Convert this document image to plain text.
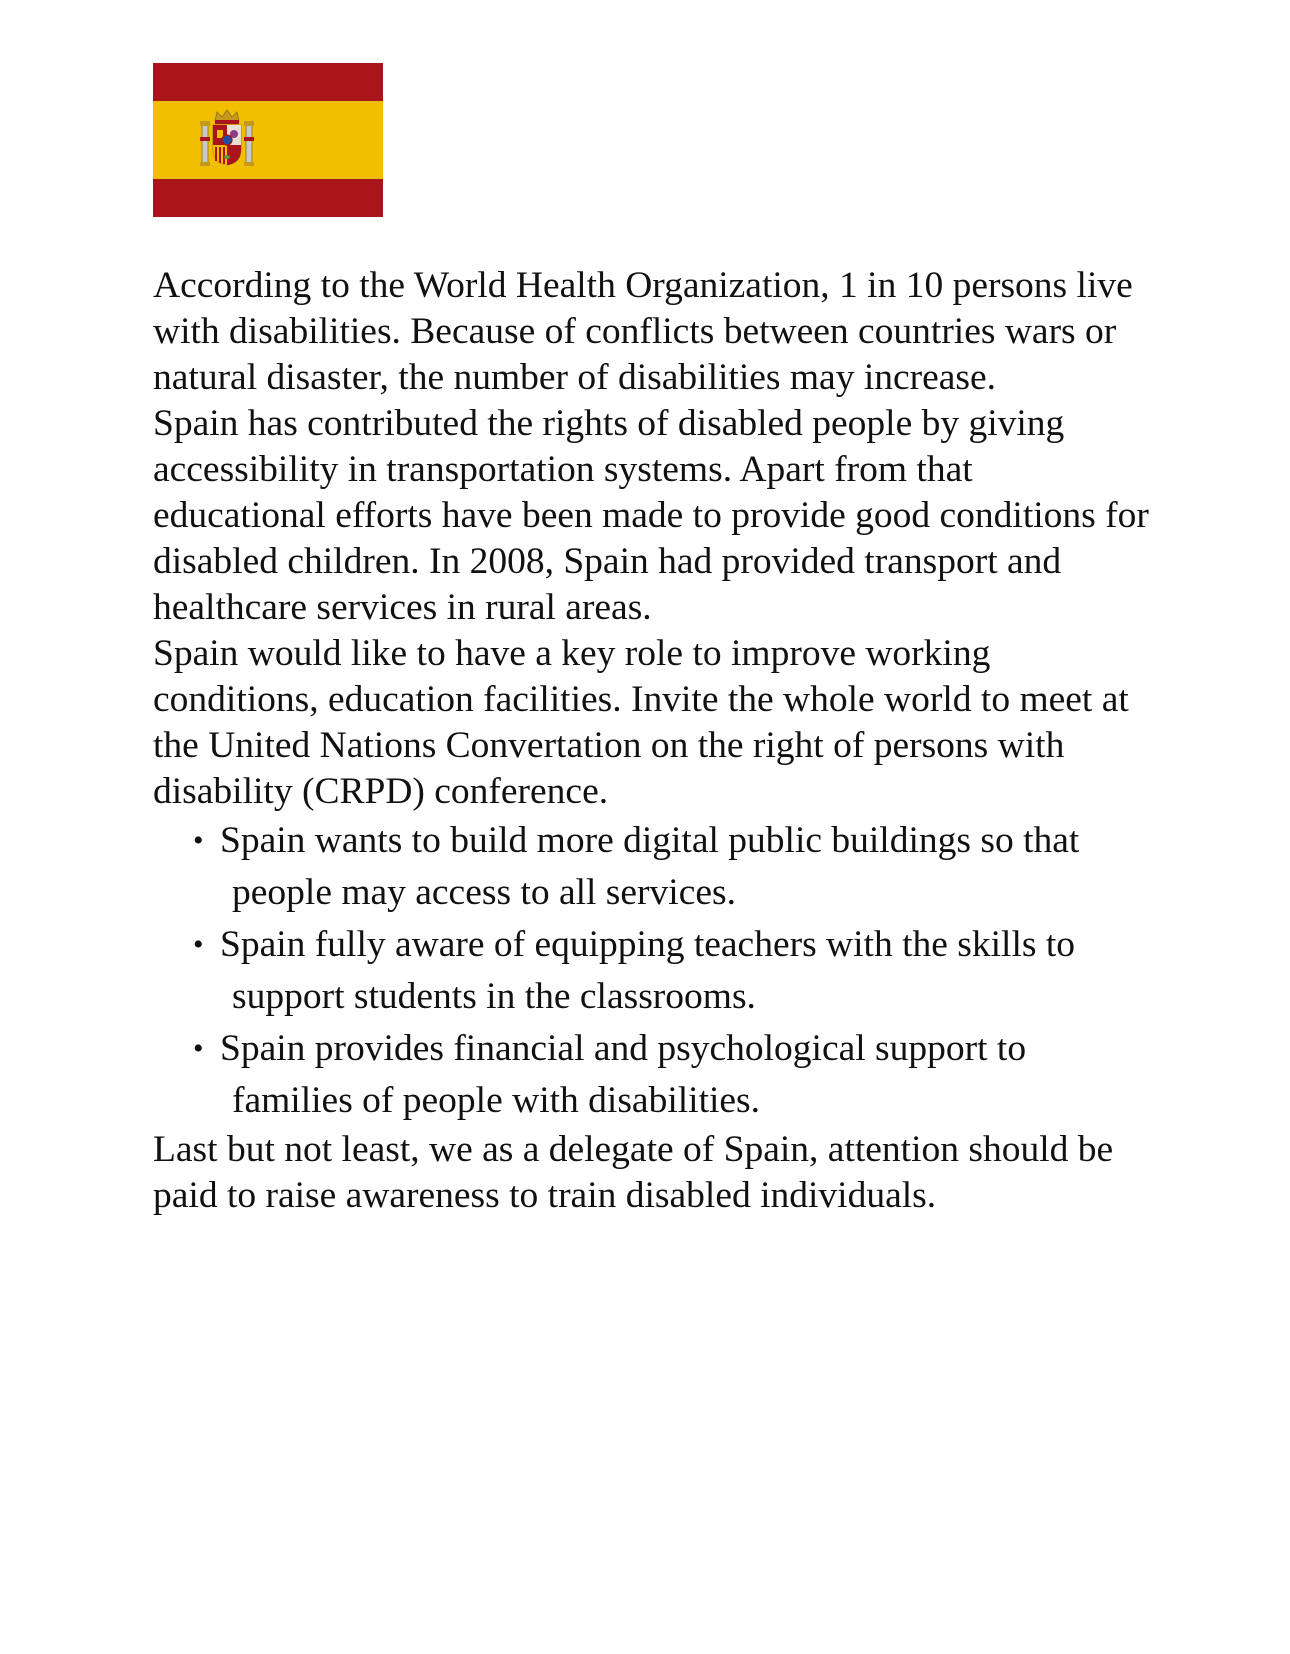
According to the World Health Organization, 1 in 10 persons live with disabilities. Because of conflicts between countries wars or natural disaster, the number of disabilities may increase.

Spain has contributed the rights of disabled people by giving accessibility in transportation systems. Apart from that educational efforts have been made to provide good conditions for disabled children. In 2008, Spain had provided transport and healthcare services in rural areas.

Spain would like to have a key role to improve working conditions, education facilities. Invite the whole world to meet at the United Nations Convertation on the right of persons with disability (CRPD) conference.

• Spain wants to build more digital public buildings so that
people may access to all services.
• Spain fully aware of equipping teachers with the skills to
support students in the classrooms.
• Spain provides financial and psychological support to
families of people with disabilities.

Last but not least, we as a delegate of Spain, attention should be paid to raise awareness to train disabled individuals.
